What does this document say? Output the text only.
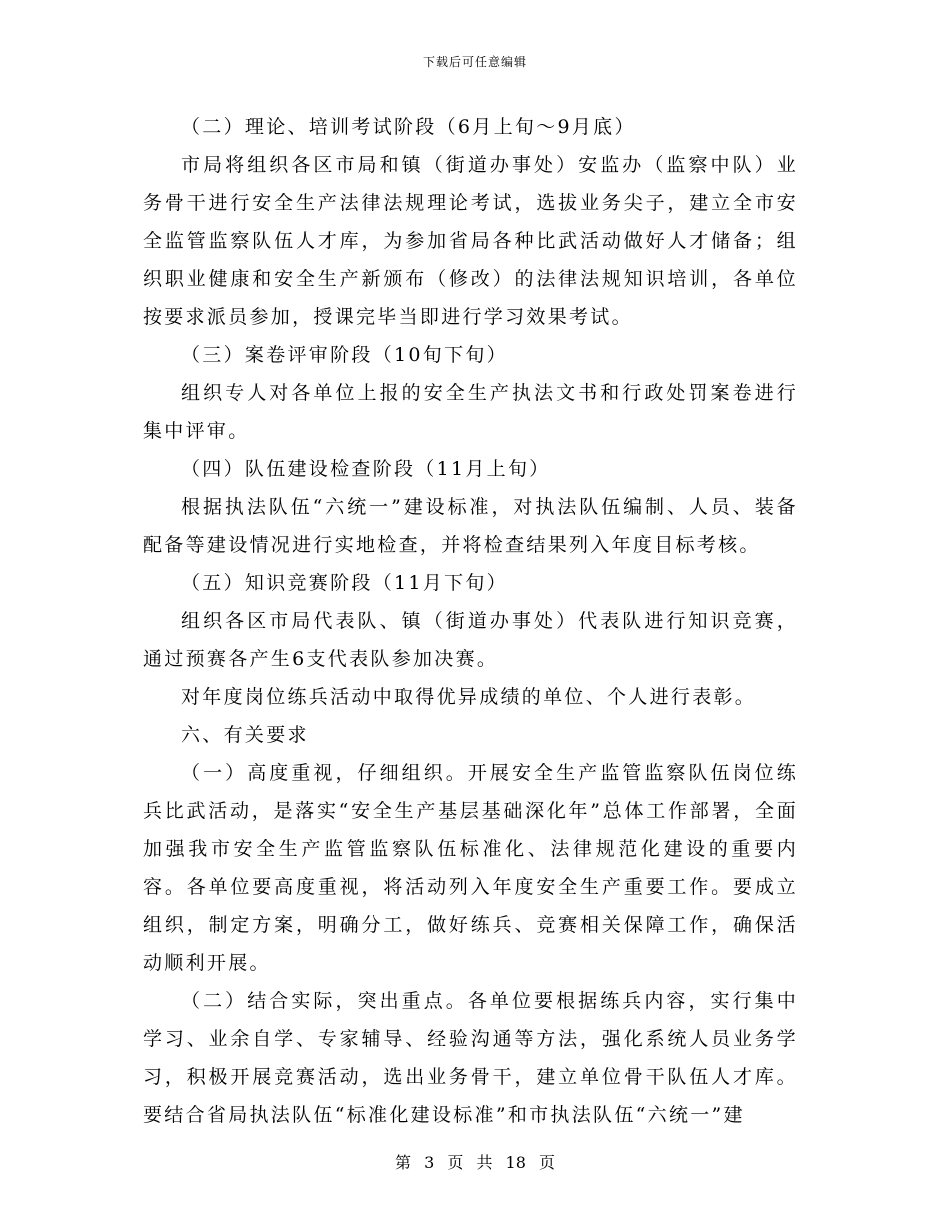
下载后可任意编辑

（二）理论、培训考试阶段（6月上旬～9月底）

市局将组织各区市局和镇（街道办事处）安监办（监察中队）业务骨干进行安全生产法律法规理论考试，选拔业务尖子，建立全市安全监管监察队伍人才库，为参加省局各种比武活动做好人才储备；组织职业健康和安全生产新颁布（修改）的法律法规知识培训，各单位按要求派员参加，授课完毕当即进行学习效果考试。

（三）案卷评审阶段（10旬下旬）

组织专人对各单位上报的安全生产执法文书和行政处罚案卷进行集中评审。

（四）队伍建设检查阶段（11月上旬）

根据执法队伍“六统一”建设标准，对执法队伍编制、人员、装备配备等建设情况进行实地检查，并将检查结果列入年度目标考核。

（五）知识竞赛阶段（11月下旬）

组织各区市局代表队、镇（街道办事处）代表队进行知识竞赛，通过预赛各产生6支代表队参加决赛。

对年度岗位练兵活动中取得优异成绩的单位、个人进行表彰。

六、有关要求

（一）高度重视，仔细组织。开展安全生产监管监察队伍岗位练兵比武活动，是落实“安全生产基层基础深化年”总体工作部署，全面加强我市安全生产监管监察队伍标准化、法律规范化建设的重要内容。各单位要高度重视，将活动列入年度安全生产重要工作。要成立组织，制定方案，明确分工，做好练兵、竞赛相关保障工作，确保活动顺利开展。

（二）结合实际，突出重点。各单位要根据练兵内容，实行集中学习、业余自学、专家辅导、经验沟通等方法，强化系统人员业务学习，积极开展竞赛活动，选出业务骨干，建立单位骨干队伍人才库。要结合省局执法队伍“标准化建设标准”和市执法队伍“六统一”建

第 3 页 共 18 页
